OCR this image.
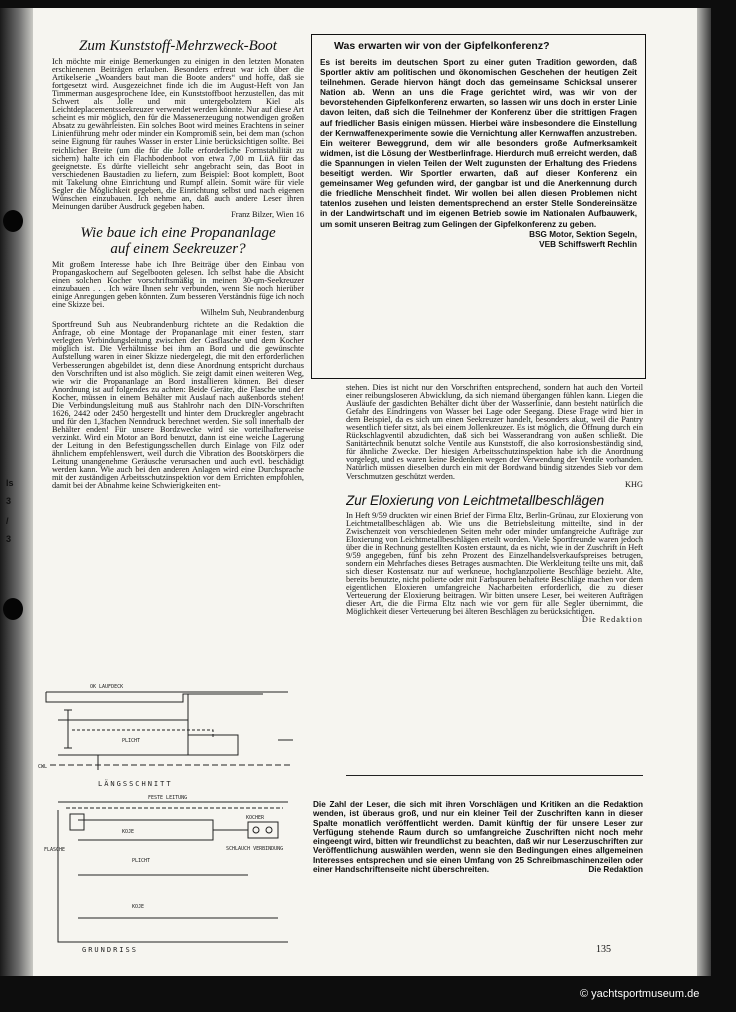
Is
3
/
3
Zum Kunststoff-Mehrzweck-Boot

Ich möchte mir einige Bemerkungen zu einigen in den letzten Monaten erschienenen Beiträgen erlauben. Besonders erfreut war ich über die Artikelserie „Woanders baut man die Boote anders“ und hoffe, daß sie fortgesetzt wird. Ausgezeichnet finde ich die im August-Heft von Jan Timmerman ausgesprochene Idee, ein Kunststoffboot herzustellen, das mit Schwert als Jolle und mit untergebolztem Kiel als Leichtdeplacementsseekreuzer verwendet werden könnte. Nur auf diese Art scheint es mir möglich, den für die Massenerzeugung notwendigen großen Absatz zu gewährleisten. Ein solches Boot wird meines Erachtens in seiner Linienführung mehr oder minder ein Kompromiß sein, bei dem man (schon seine Eignung für rauhes Wasser in erster Linie berücksichtigen sollte. Bei reichlicher Breite (um die für die Jolle erforderliche Formstabilität zu sichern) halte ich ein Flachbodenboot von etwa 7,00 m LüA für das geeignetste. Es dürfte vielleicht sehr angebracht sein, das Boot in verschiedenen Baustadien zu liefern, zum Beispiel: Boot komplett, Boot mit Takelung ohne Einrichtung und Rumpf allein. Somit wäre für viele Segler die Möglichkeit gegeben, die Einrichtung selbst und nach eigenen Wünschen einzubauen. Ich nehme an, daß auch andere Leser ihren Meinungen darüber Ausdruck gegeben haben.

Franz Bilzer, Wien 16

Wie baue ich eine Propananlage
auf einem Seekreuzer?

Mit großem Interesse habe ich Ihre Beiträge über den Einbau von Propangaskochern auf Segelbooten gelesen. Ich selbst habe die Absicht einen solchen Kocher vorschriftsmäßig in meinen 30-qm-Seekreuzer einzubauen . . . Ich wäre Ihnen sehr verbunden, wenn Sie noch hierüber einige Anregungen geben könnten. Zum besseren Verständnis füge ich noch eine Skizze bei.

Wilhelm Suh, Neubrandenburg

Sportfreund Suh aus Neubrandenburg richtete an die Redaktion die Anfrage, ob eine Montage der Propananlage mit einer festen, starr verlegten Verbindungsleitung zwischen der Gasflasche und dem Kocher möglich ist. Die Verhältnisse bei ihm an Bord und die gewünschte Aufstellung waren in einer Skizze niedergelegt, die mit den erforderlichen Verbesserungen abgebildet ist, denn diese Anordnung entspricht durchaus den Vorschriften und ist also möglich. Sie zeigt damit einen weiteren Weg, wie wir die Propananlage an Bord installieren können. Bei dieser Anordnung ist auf folgendes zu achten: Beide Geräte, die Flasche und der Kocher, müssen in einem Behälter mit Auslauf nach außenbords stehen! Die Verbindungsleitung muß aus Stahlrohr nach den DIN-Vorschriften 1626, 2442 oder 2450 hergestellt und hinter dem Druckregler angebracht und für den 1,3fachen Nenndruck berechnet werden. Sie soll innerhalb der Behälter enden! Für unsere Bordzwecke wird sie vorteilhafterweise verzinkt. Wird ein Motor an Bord benutzt, dann ist eine weiche Lagerung der Leitung in den Befestigungsschellen durch Einlage von Filz oder ähnlichem empfehlenswert, weil durch die Vibration des Bootskörpers die Leitung unangenehme Geräusche verursachen und auch evtl. beschädigt werden kann. Wie auch bei den anderen Anlagen wird eine Durchsprache mit der zuständigen Arbeitsschutzinspektion vor dem Errichten empfohlen, damit bei der Abnahme keine Schwierigkeiten ent-

Was erwarten wir von der Gipfelkonferenz?
Es ist bereits im deutschen Sport zu einer guten Tradition geworden, daß Sportler aktiv am politischen und ökonomischen Geschehen der heutigen Zeit teilnehmen. Gerade hiervon hängt doch das gemeinsame Schicksal unserer Nation ab. Wenn an uns die Frage gerichtet wird, was wir von der bevorstehenden Gipfelkonferenz erwarten, so lassen wir uns doch in erster Linie davon leiten, daß sich die Teilnehmer der Konferenz über die strittigen Fragen auf friedlicher Basis einigen müssen. Hierbei wäre insbesondere die Einstellung der Kernwaffenexperimente sowie die Vernichtung aller Kernwaffen anzustreben. Ein weiterer Beweggrund, dem wir alle besonders große Aufmerksamkeit widmen, ist die Lösung der Westberlinfrage. Hierdurch muß erreicht werden, daß die Spannungen in vielen Teilen der Welt zugunsten der Erhaltung des Friedens beseitigt werden. Wir Sportler erwarten, daß auf dieser Konferenz ein gemeinsamer Weg gefunden wird, der gangbar ist und die Anerkennung durch die friedliche Menschheit findet. Wir wollen bei allen diesen Problemen nicht tatenlos zusehen und leisten dementsprechend an erster Stelle Sondereinsätze in der Landwirtschaft und im eigenen Betrieb sowie im Nationalen Aufbauwerk, um somit unseren Beitrag zum Gelingen der Gipfelkonferenz zu geben.
BSG Motor, Sektion Segeln,
VEB Schiffswerft Rechlin

stehen. Dies ist nicht nur den Vorschriften entsprechend, sondern hat auch den Vorteil einer reibungsloseren Abwicklung, da sich niemand übergangen fühlen kann. Liegen die Ausläufe der gasdichten Behälter dicht über der Wasserlinie, dann besteht natürlich die Gefahr des Eindringens von Wasser bei Lage oder Seegang. Diese Frage wird hier in dem Beispiel, da es sich um einen Seekreuzer handelt, besonders akut, weil die Pantry wesentlich tiefer sitzt, als bei einem Jollenkreuzer. Es ist möglich, die Öffnung durch ein Rückschlagventil abzudichten, daß sich bei Wasserandrang von außen schließt. Die Sanitärtechnik benutzt solche Ventile aus Kunststoff, die also korrosionsbeständig sind, für ähnliche Zwecke. Der hiesigen Arbeitsschutzinspektion habe ich die Anordnung vorgelegt, und es waren keine Bedenken wegen der Verwendung der Ventile vorhanden. Natürlich müssen dieselben durch ein mit der Bordwand bündig sitzendes Sieb vor dem Verschmutzen geschützt werden.

KHG

Zur Eloxierung von Leichtmetallbeschlägen

In Heft 9/59 druckten wir einen Brief der Firma Eltz, Berlin-Grünau, zur Eloxierung von Leichtmetallbeschlägen ab. Wie uns die Betriebsleitung mitteilte, sind in der Zwischenzeit von verschiedenen Seiten mehr oder minder umfangreiche Aufträge zur Eloxierung von Leichtmetallbeschlägen erteilt worden. Viele Sportfreunde waren jedoch über die in Rechnung gestellten Kosten erstaunt, da es nicht, wie in der Zuschrift in Heft 9/59 angegeben, fünf bis zehn Prozent des Einzelhandelsverkaufspreises betrugen, sondern ein Mehrfaches dieses Betrages ausmachten. Die Werkleitung teilte uns mit, daß sich dieser Kostensatz nur auf werkneue, hochglanzpolierte Beschläge bezieht. Alte, bereits benutzte, nicht polierte oder mit Farbspuren behaftete Beschläge machen vor dem eigentlichen Eloxieren umfangreiche Nacharbeiten erforderlich, die zu dieser Verteuerung der Eloxierung beitragen. Wir bitten unsere Leser, bei weiteren Aufträgen dieser Art, die die Firma Eltz nach wie vor gern für alle Segler übernimmt, die Möglichkeit dieser Verteuerung bei älteren Beschlägen zu berücksichtigen.

Die Redaktion

Die Zahl der Leser, die sich mit ihren Vorschlägen und Kritiken an die Redaktion wenden, ist überaus groß, und nur ein kleiner Teil der Zuschriften kann in dieser Spalte monatlich veröffentlicht werden. Damit künftig der für unsere Leser zur Verfügung stehende Raum durch so umfangreiche Zuschriften nicht noch mehr eingeengt wird, bitten wir freundlichst zu beachten, daß wir nur Leserzuschriften zur Veröffentlichung auswählen werden, wenn sie den Bedingungen eines allgemeinen Interesses entsprechen und sie einen Umfang von 25 Schreibmaschinenzeilen oder einer Handschriftenseite nicht überschreiten.	Die Redaktion
135
© yachtsportmuseum.de
OK LAUFDECK
PLICHT
CWL
LÄNGSSCHNITT
FESTE LEITUNG
KOJE
FLASCHE
KOCHER
SCHLAUCH VERBINDUNG
PLICHT
KOJE
GRUNDRISS
